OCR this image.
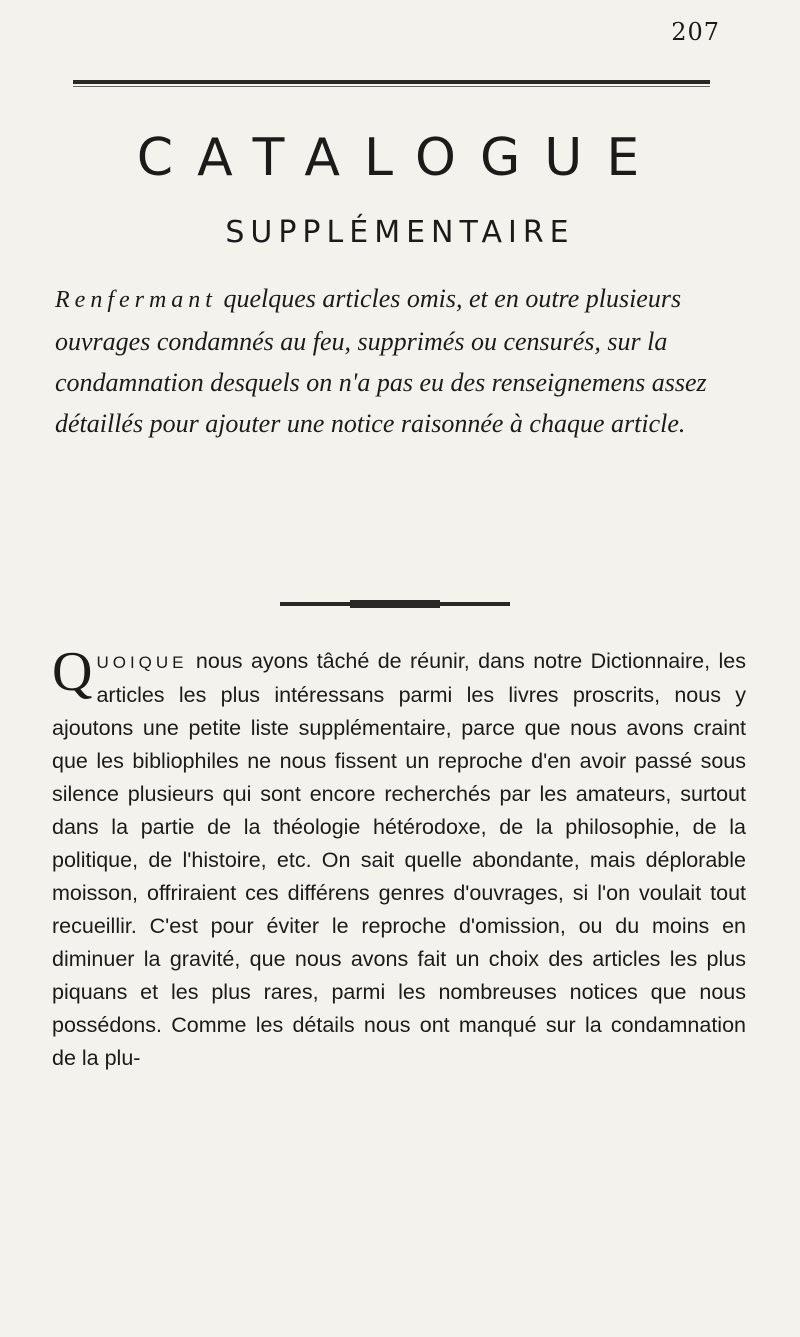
207
CATALOGUE
SUPPLÉMENTAIRE
Renfermant quelques articles omis, et en outre plusieurs ouvrages condamnés au feu, supprimés ou censurés, sur la condamnation desquels on n'a pas eu des renseignemens assez détaillés pour ajouter une notice raisonnée à chaque article.
QUOIQUE nous ayons tâché de réunir, dans notre Dictionnaire, les articles les plus intéressans parmi les livres proscrits, nous y ajoutons une petite liste supplémentaire, parce que nous avons craint que les bibliophiles ne nous fissent un reproche d'en avoir passé sous silence plusieurs qui sont encore recherchés par les amateurs, surtout dans la partie de la théologie hétérodoxe, de la philosophie, de la politique, de l'histoire, etc. On sait quelle abondante, mais déplorable moisson, offriraient ces différens genres d'ouvrages, si l'on voulait tout recueillir. C'est pour éviter le reproche d'omission, ou du moins en diminuer la gravité, que nous avons fait un choix des articles les plus piquans et les plus rares, parmi les nombreuses notices que nous possédons. Comme les détails nous ont manqué sur la condamnation de la plu-
